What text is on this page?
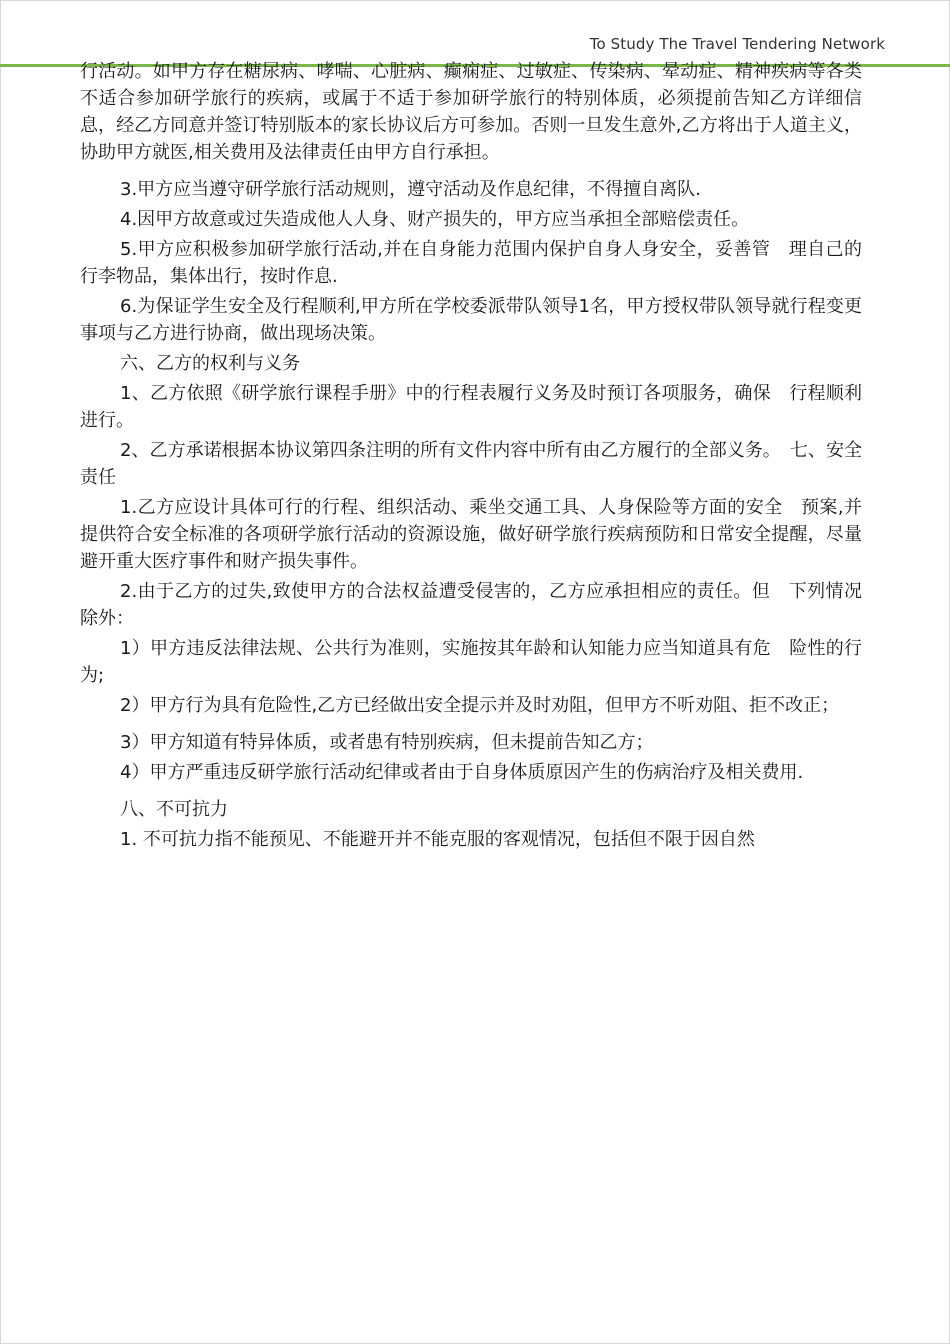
To Study The Travel Tendering Network

行活动。如甲方存在糖尿病、哮喘、心脏病、癫痫症、过敏症、传染病、晕动症、精神疾病等各类不适合参加研学旅行的疾病，或属于不适于参加研学旅行的特别体质，必须提前告知乙方详细信息，经乙方同意并签订特别版本的家长协议后方可参加。否则一旦发生意外,乙方将出于人道主义，协助甲方就医,相关费用及法律责任由甲方自行承担。

3.甲方应当遵守研学旅行活动规则，遵守活动及作息纪律，不得擅自离队.

4.因甲方故意或过失造成他人人身、财产损失的，甲方应当承担全部赔偿责任。

5.甲方应积极参加研学旅行活动,并在自身能力范围内保护自身人身安全，妥善管　理自己的行李物品，集体出行，按时作息.

6.为保证学生安全及行程顺利,甲方所在学校委派带队领导1名，甲方授权带队领导就行程变更事项与乙方进行协商，做出现场决策。

六、乙方的权利与义务

1、乙方依照《研学旅行课程手册》中的行程表履行义务及时预订各项服务，确保　行程顺利进行。

2、乙方承诺根据本协议第四条注明的所有文件内容中所有由乙方履行的全部义务。　七、安全责任

1.乙方应设计具体可行的行程、组织活动、乘坐交通工具、人身保险等方面的安全　预案,并提供符合安全标准的各项研学旅行活动的资源设施，做好研学旅行疾病预防和日常安全提醒，尽量避开重大医疗事件和财产损失事件。

2.由于乙方的过失,致使甲方的合法权益遭受侵害的，乙方应承担相应的责任。但　下列情况除外：

1）甲方违反法律法规、公共行为准则，实施按其年龄和认知能力应当知道具有危　险性的行为;

2）甲方行为具有危险性,乙方已经做出安全提示并及时劝阻，但甲方不听劝阻、拒不改正；

3）甲方知道有特异体质，或者患有特别疾病，但未提前告知乙方；

4）甲方严重违反研学旅行活动纪律或者由于自身体质原因产生的伤病治疗及相关费用.

八、不可抗力

1. 不可抗力指不能预见、不能避开并不能克服的客观情况，包括但不限于因自然
